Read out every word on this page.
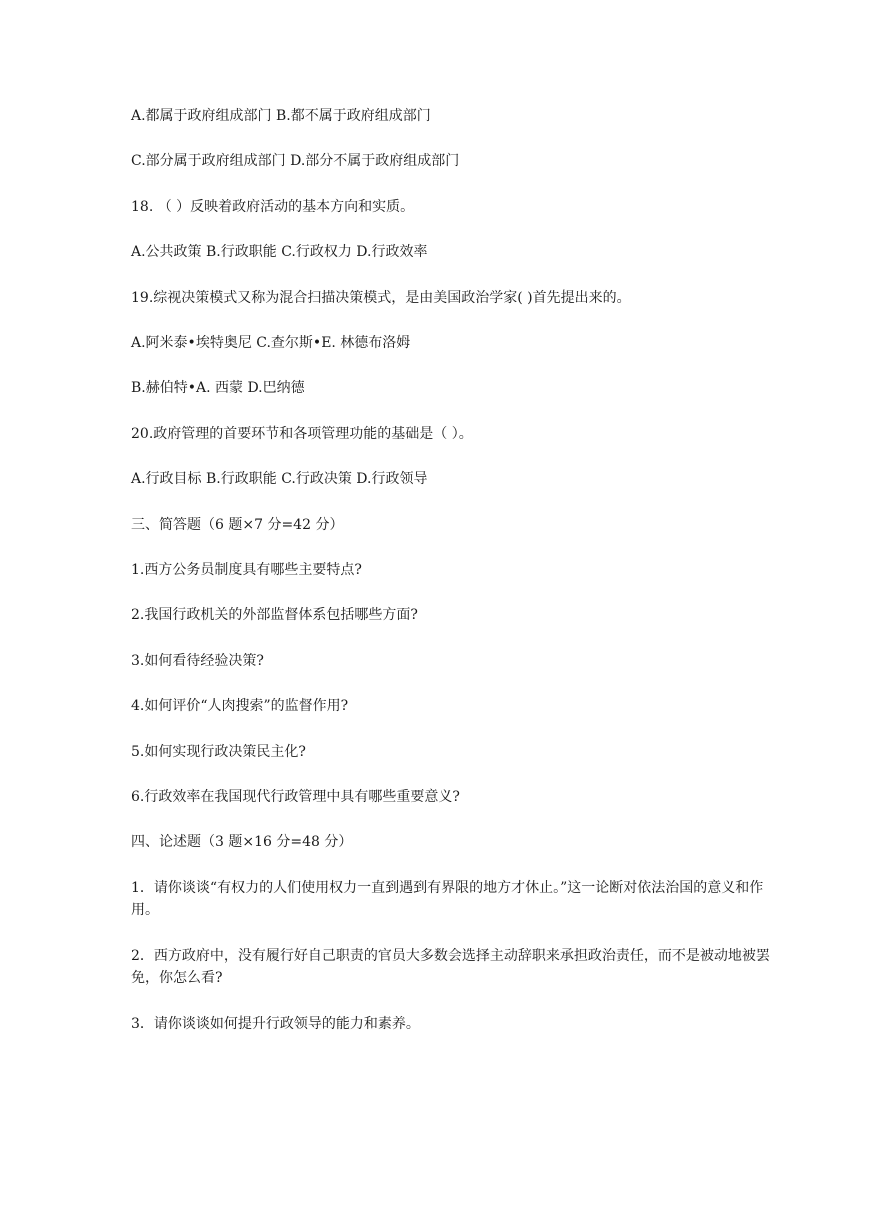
A.都属于政府组成部门 B.都不属于政府组成部门
C.部分属于政府组成部门 D.部分不属于政府组成部门
18. （ ）反映着政府活动的基本方向和实质。
A.公共政策 B.行政职能 C.行政权力 D.行政效率
19.综视决策模式又称为混合扫描决策模式，是由美国政治学家( )首先提出来的。
A.阿米泰•埃特奥尼 C.查尔斯•E. 林德布洛姆
B.赫伯特•A. 西蒙 D.巴纳德
20.政府管理的首要环节和各项管理功能的基础是（ ）。
A.行政目标 B.行政职能 C.行政决策 D.行政领导
三、简答题（6 题×7 分=42 分）
1.西方公务员制度具有哪些主要特点?
2.我国行政机关的外部监督体系包括哪些方面?
3.如何看待经验决策?
4.如何评价“人肉搜索”的监督作用?
5.如何实现行政决策民主化?
6.行政效率在我国现代行政管理中具有哪些重要意义?
四、论述题（3 题×16 分=48 分）
1．请你谈谈“有权力的人们使用权力一直到遇到有界限的地方才休止。”这一论断对依法治国的意义和作用。
2．西方政府中，没有履行好自己职责的官员大多数会选择主动辞职来承担政治责任，而不是被动地被罢免，你怎么看?
3．请你谈谈如何提升行政领导的能力和素养。
